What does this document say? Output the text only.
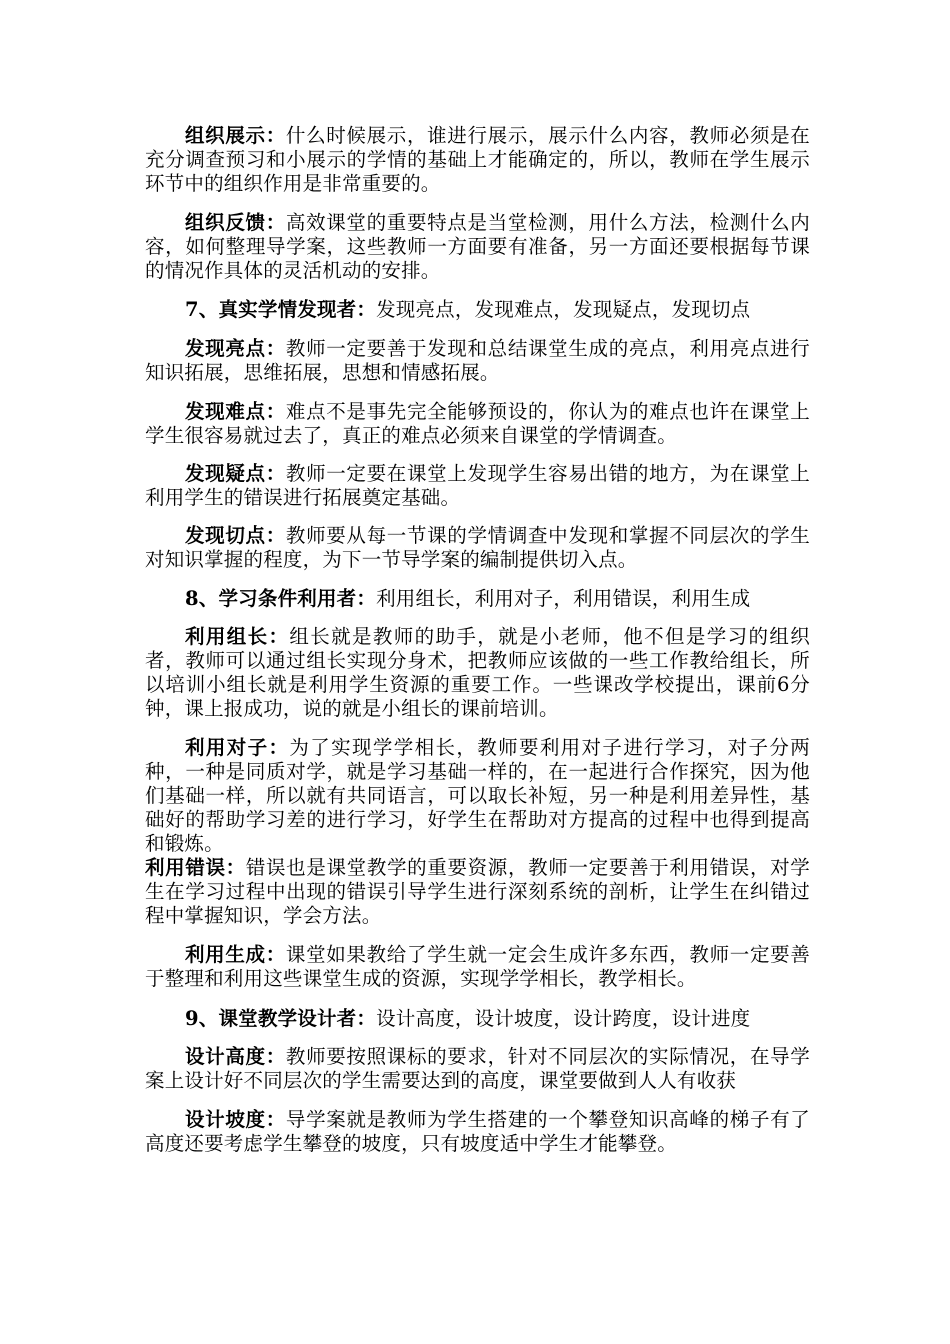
组织展示：什么时候展示，谁进行展示，展示什么内容，教师必须是在充分调查预习和小展示的学情的基础上才能确定的，所以，教师在学生展示环节中的组织作用是非常重要的。

组织反馈：高效课堂的重要特点是当堂检测，用什么方法，检测什么内容，如何整理导学案，这些教师一方面要有准备，另一方面还要根据每节课的情况作具体的灵活机动的安排。

7、真实学情发现者：发现亮点，发现难点，发现疑点，发现切点

发现亮点：教师一定要善于发现和总结课堂生成的亮点，利用亮点进行知识拓展，思维拓展，思想和情感拓展。

发现难点：难点不是事先完全能够预设的，你认为的难点也许在课堂上学生很容易就过去了，真正的难点必须来自课堂的学情调查。

发现疑点：教师一定要在课堂上发现学生容易出错的地方，为在课堂上利用学生的错误进行拓展奠定基础。

发现切点：教师要从每一节课的学情调查中发现和掌握不同层次的学生对知识掌握的程度，为下一节导学案的编制提供切入点。

8、学习条件利用者：利用组长，利用对子，利用错误，利用生成

利用组长：组长就是教师的助手，就是小老师，他不但是学习的组织者，教师可以通过组长实现分身术，把教师应该做的一些工作教给组长，所以培训小组长就是利用学生资源的重要工作。一些课改学校提出，课前6分钟，课上报成功，说的就是小组长的课前培训。

利用对子：为了实现学学相长，教师要利用对子进行学习，对子分两种，一种是同质对学，就是学习基础一样的，在一起进行合作探究，因为他们基础一样，所以就有共同语言，可以取长补短，另一种是利用差异性，基础好的帮助学习差的进行学习，好学生在帮助对方提高的过程中也得到提高和锻炼。

利用错误：错误也是课堂教学的重要资源，教师一定要善于利用错误，对学生在学习过程中出现的错误引导学生进行深刻系统的剖析，让学生在纠错过程中掌握知识，学会方法。

利用生成：课堂如果教给了学生就一定会生成许多东西，教师一定要善于整理和利用这些课堂生成的资源，实现学学相长，教学相长。

9、课堂教学设计者：设计高度，设计坡度，设计跨度，设计进度

设计高度：教师要按照课标的要求，针对不同层次的实际情况，在导学案上设计好不同层次的学生需要达到的高度，课堂要做到人人有收获

设计坡度：导学案就是教师为学生搭建的一个攀登知识高峰的梯子有了高度还要考虑学生攀登的坡度，只有坡度适中学生才能攀登。
